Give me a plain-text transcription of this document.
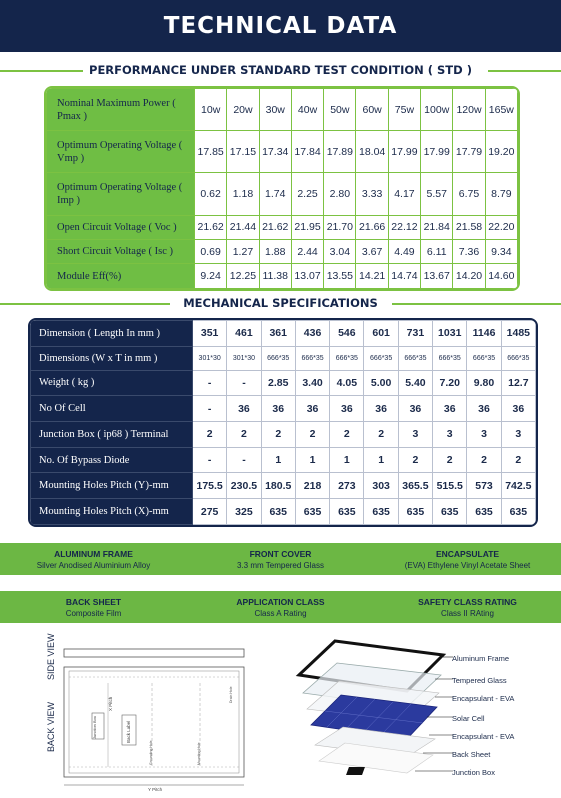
TECHNICAL DATA
PERFORMANCE UNDER STANDARD TEST CONDITION ( STD )
Nominal Maximum Power ( Pmax )	10w	20w	30w	40w	50w	60w	75w	100w	120w	165w
Optimum Operating Voltage ( Vmp )	17.85	17.15	17.34	17.84	17.89	18.04	17.99	17.99	17.79	19.20
Optimum Operating Voltage ( Imp )	0.62	1.18	1.74	2.25	2.80	3.33	4.17	5.57	6.75	8.79
Open Circuit Voltage ( Voc )	21.62	21.44	21.62	21.95	21.70	21.66	22.12	21.84	21.58	22.20
Short Circuit Voltage ( Isc )	0.69	1.27	1.88	2.44	3.04	3.67	4.49	6.11	7.36	9.34
Module Eff(%)	9.24	12.25	11.38	13.07	13.55	14.21	14.74	13.67	14.20	14.60
MECHANICAL SPECIFICATIONS
Dimension ( Length In mm )	351	461	361	436	546	601	731	1031	1146	1485
Dimensions (W x T in mm )	301*30	301*30	666*35	666*35	666*35	666*35	666*35	666*35	666*35	666*35
Weight ( kg )	-	-	2.85	3.40	4.05	5.00	5.40	7.20	9.80	12.7
No Of Cell	-	36	36	36	36	36	36	36	36	36
Junction Box ( ip68 ) Terminal	2	2	2	2	2	2	3	3	3	3
No. Of Bypass Diode	-	-	1	1	1	1	2	2	2	2
Mounting Holes Pitch (Y)-mm	175.5	230.5	180.5	218	273	303	365.5	515.5	573	742.5
Mounting Holes Pitch (X)-mm	275	325	635	635	635	635	635	635	635	635
ALUMINUM FRAME
Silver Anodised Aluminium Alloy
FRONT COVER
3.3 mm Tempered Glass
ENCAPSULATE
(EVA) Ethylene Vinyl Acetate Sheet
BACK SHEET
Composite Film
APPLICATION CLASS
Class A Rating
SAFETY CLASS RATING
Class II RAting
SIDE VIEW
BACK VIEW	Junction Box	Back Label
X Pitch
Grounding Hole	Mounting Hole
Drain Hole
Y Pitch
Aluminum Frame
Tempered Glass
Encapsulant - EVA
Solar Cell
Encapsulant - EVA
Back Sheet
Junction Box
